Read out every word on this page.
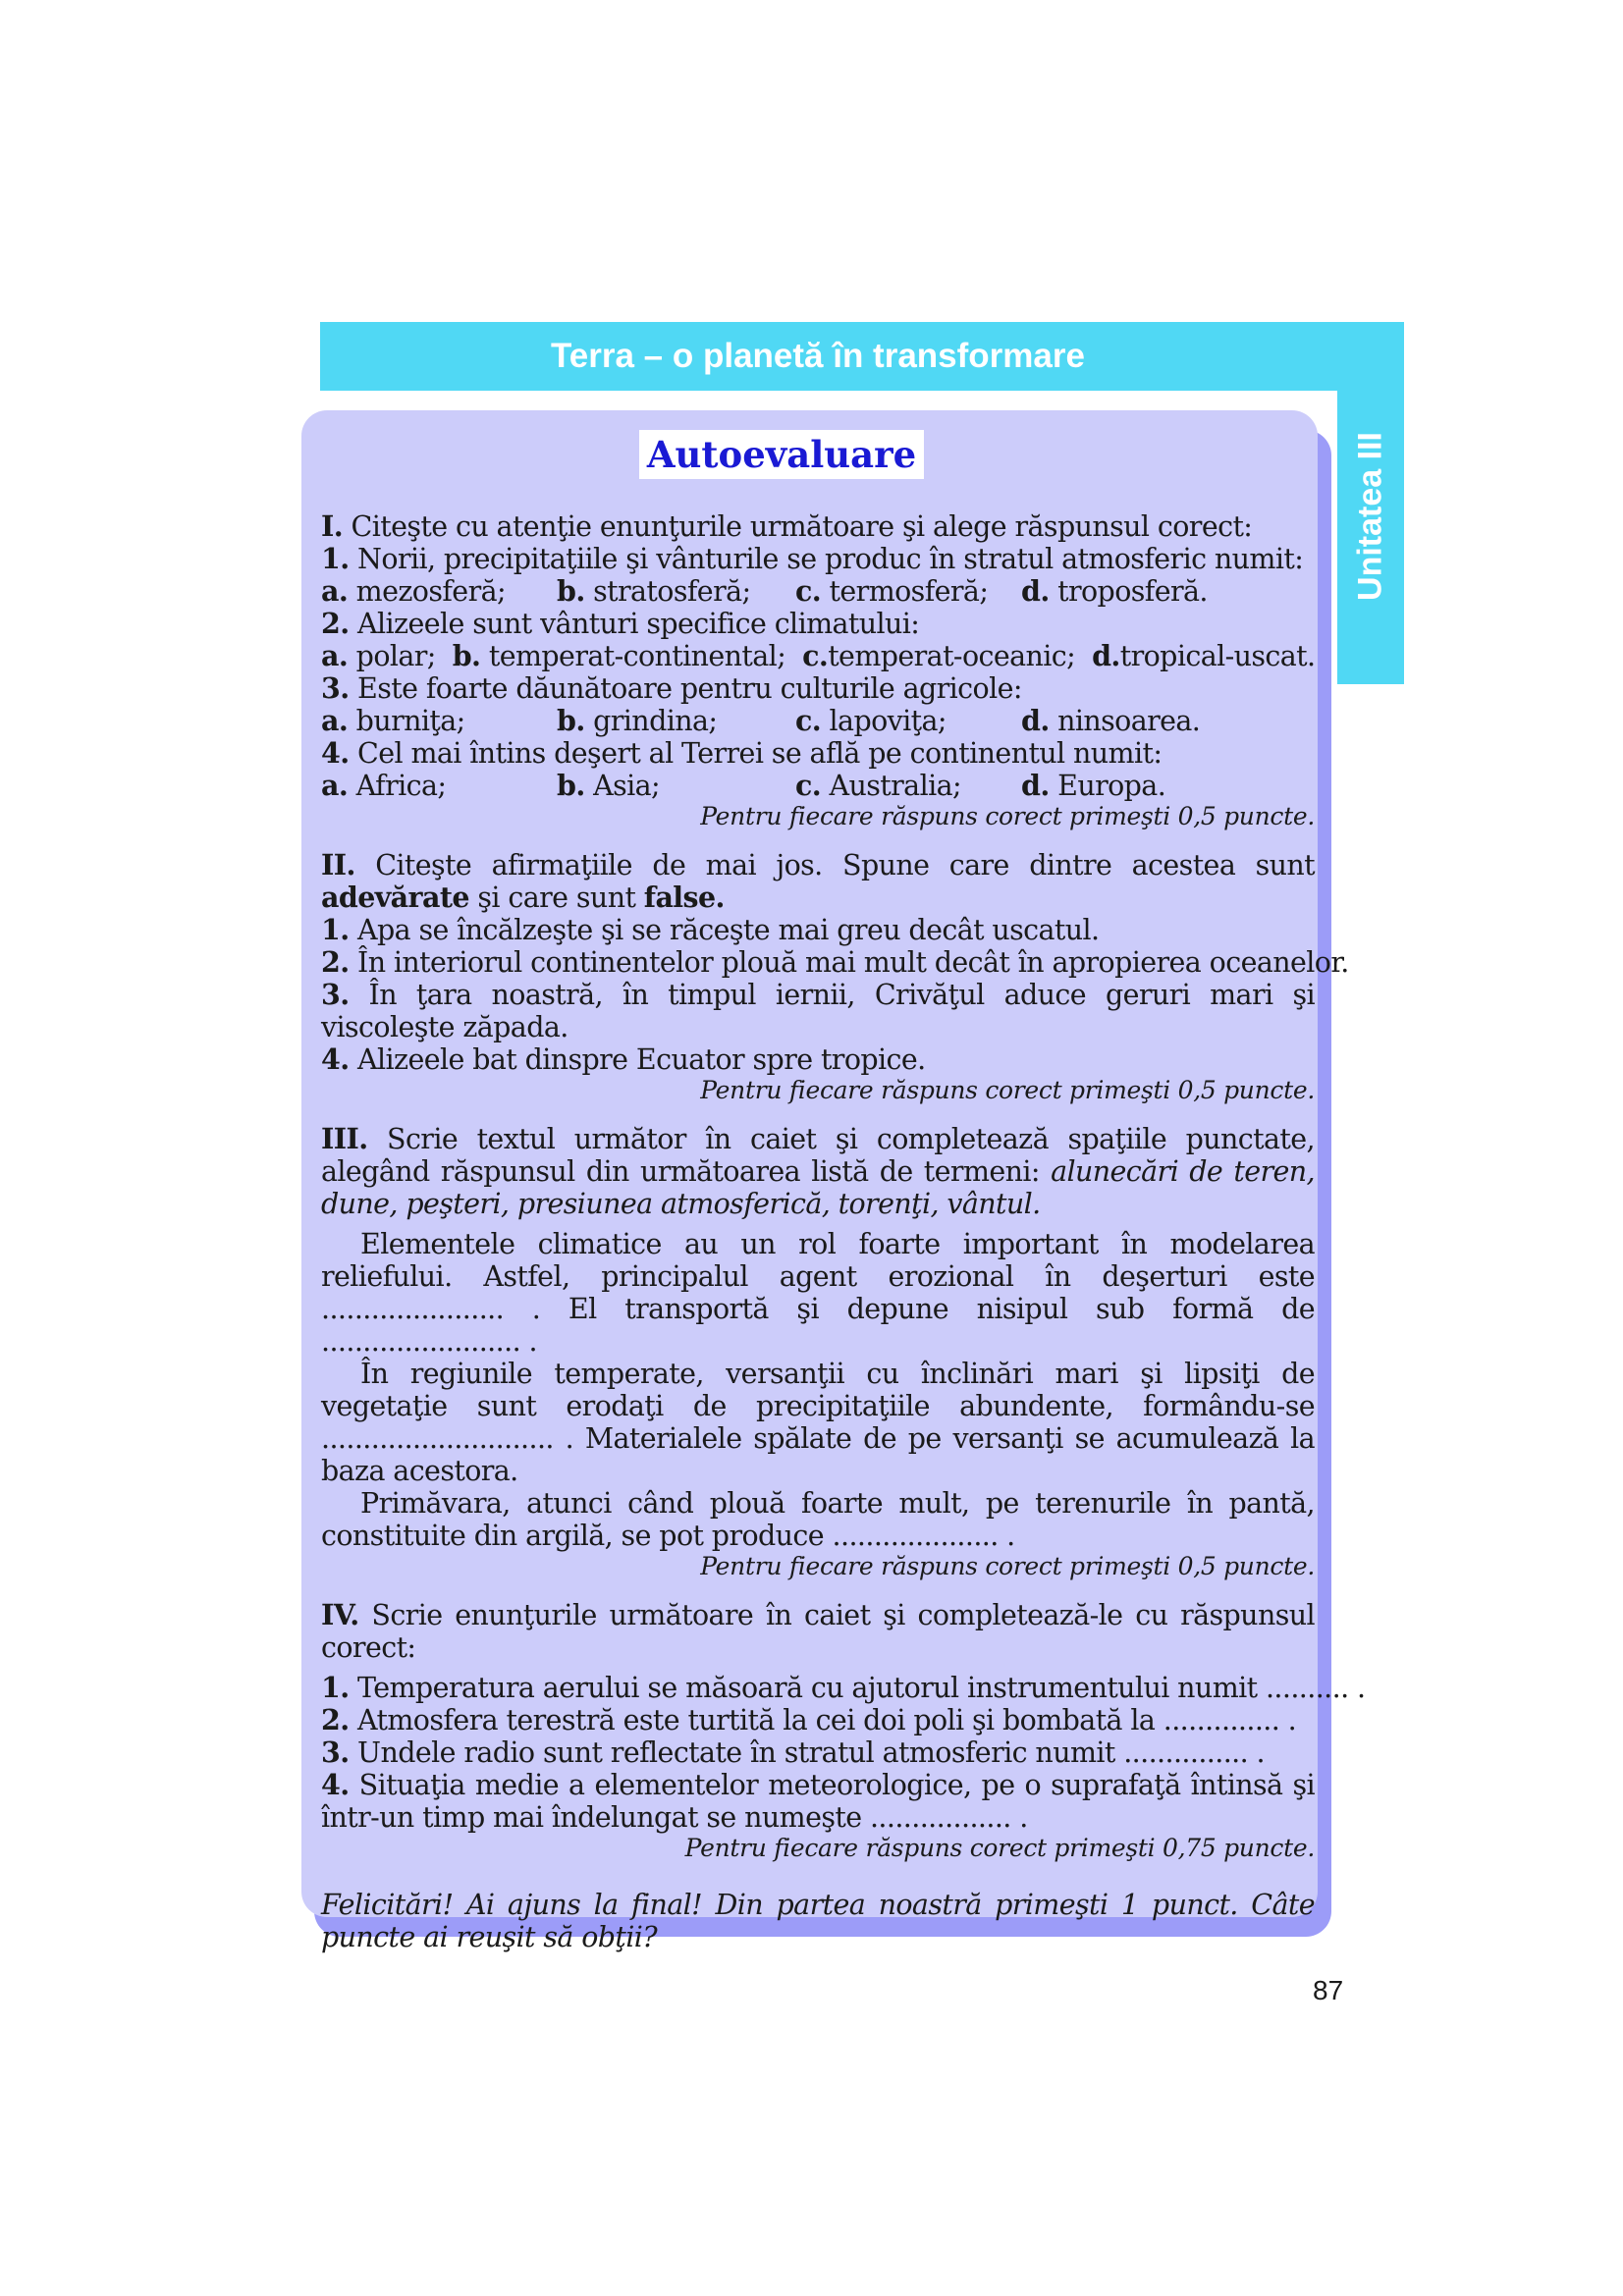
Terra – o planetă în transformare
Unitatea III
Autoevaluare
I. Citeşte cu atenţie enunţurile următoare şi alege răspunsul corect:
1. Norii, precipitaţiile şi vânturile se produc în stratul atmosferic numit:
a. mezosferă;	b. stratosferă;	c. termosferă;	d. troposferă.
2. Alizeele sunt vânturi specifice climatului:
a. polar; b. temperat-continental; c.temperat-oceanic; d.tropical-uscat.
3. Este foarte dăunătoare pentru culturile agricole:
a. burniţa;	b. grindina;	c. lapoviţa;	d. ninsoarea.
4. Cel mai întins deşert al Terrei se află pe continentul numit:
a. Africa;	b. Asia;	c. Australia;	d. Europa.
Pentru fiecare răspuns corect primeşti 0,5 puncte.
II. Citeşte afirmaţiile de mai jos. Spune care dintre acestea sunt adevărate şi care sunt false.
1. Apa se încălzeşte şi se răceşte mai greu decât uscatul.
2. În interiorul continentelor plouă mai mult decât în apropierea oceanelor.
3. În ţara noastră, în timpul iernii, Crivăţul aduce geruri mari şi viscoleşte zăpada.
4. Alizeele bat dinspre Ecuator spre tropice.
Pentru fiecare răspuns corect primeşti 0,5 puncte.
III. Scrie textul următor în caiet şi completează spaţiile punctate, alegând răspunsul din următoarea listă de termeni: alunecări de teren, dune, peşteri, presiunea atmosferică, torenţi, vântul.
Elementele climatice au un rol foarte important în modelarea reliefului. Astfel, principalul agent erozional în deşerturi este ...................... . El transportă şi depune nisipul sub formă de ........................ .
În regiunile temperate, versanţii cu înclinări mari şi lipsiţi de vegetaţie sunt erodaţi de precipitaţiile abundente, formându-se ............................ . Materialele spălate de pe versanţi se acumulează la baza acestora.
Primăvara, atunci când plouă foarte mult, pe terenurile în pantă, constituite din argilă, se pot produce .................... .
Pentru fiecare răspuns corect primeşti 0,5 puncte.
IV. Scrie enunţurile următoare în caiet şi completează-le cu răspunsul corect:
1. Temperatura aerului se măsoară cu ajutorul instrumentului numit .......... .
2. Atmosfera terestră este turtită la cei doi poli şi bombată la .............. .
3. Undele radio sunt reflectate în stratul atmosferic numit ............... .
4. Situaţia medie a elementelor meteorologice, pe o suprafaţă întinsă şi într-un timp mai îndelungat se numeşte ................. .
Pentru fiecare răspuns corect primeşti 0,75 puncte.
Felicitări! Ai ajuns la final! Din partea noastră primeşti 1 punct. Câte puncte ai reuşit să obţii?
87
